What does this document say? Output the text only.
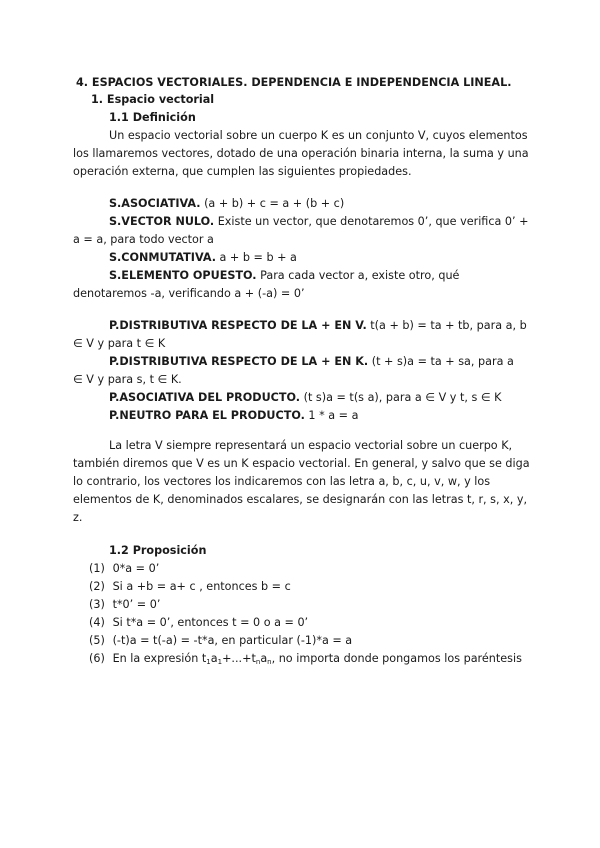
4. ESPACIOS VECTORIALES. DEPENDENCIA E INDEPENDENCIA LINEAL.
1. Espacio vectorial
1.1 Definición
Un espacio vectorial sobre un cuerpo K es un conjunto V, cuyos elementos los llamaremos vectores, dotado de una operación binaria interna, la suma y una operación externa, que cumplen las siguientes propiedades.
S.ASOCIATIVA. (a + b) + c = a + (b + c)
S.VECTOR NULO. Existe un vector, que denotaremos 0’, que verifica 0’ +
a = a, para todo vector a
S.CONMUTATIVA. a + b = b + a
S.ELEMENTO OPUESTO. Para cada vector a, existe otro, qué
denotaremos -a, verificando a + (-a) = 0’
P.DISTRIBUTIVA RESPECTO DE LA + EN V. t(a + b) = ta + tb, para a, b
∈ V y para t ∈ K
P.DISTRIBUTIVA RESPECTO DE LA + EN K. (t + s)a = ta + sa, para a
∈ V y para s, t ∈ K.
P.ASOCIATIVA DEL PRODUCTO. (t s)a = t(s a), para a ∈ V y t, s ∈ K
P.NEUTRO PARA EL PRODUCTO. 1 * a = a
La letra V siempre representará un espacio vectorial sobre un cuerpo K, también diremos que V es un K espacio vectorial. En general, y salvo que se diga lo contrario, los vectores los indicaremos con las letra a, b, c, u, v, w, y los elementos de K, denominados escalares, se designarán con las letras t, r, s, x, y, z.
1.2 Proposición
(1) 0*a = 0’
(2) Si a +b = a+ c , entonces b = c
(3) t*0’ = 0’
(4) Si t*a = 0’, entonces t = 0 o a = 0’
(5) (-t)a = t(-a) = -t*a, en particular (-1)*a = a
(6) En la expresión $t_1a_1+...+t_na_n$, no importa donde pongamos los paréntesis
